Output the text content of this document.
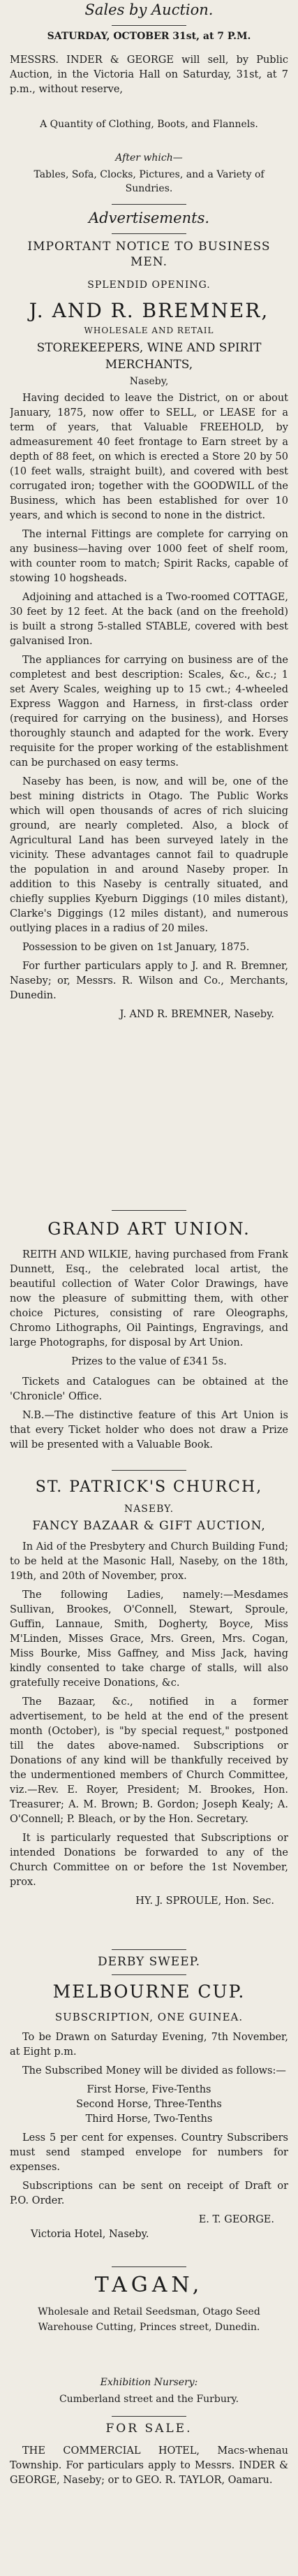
Sales by Auction.
SATURDAY, OCTOBER 31st, at 7 P.M.

MESSRS. INDER & GEORGE will sell, by Public Auction, in the Victoria Hall on Saturday, 31st, at 7 p.m., without reserve,

A Quantity of Clothing, Boots, and Flannels.
After which—
Tables, Sofa, Clocks, Pictures, and a Variety of Sundries.
Advertisements.
IMPORTANT NOTICE TO BUSINESS MEN.
SPLENDID OPENING.
J. AND R. BREMNER,
WHOLESALE AND RETAIL
STOREKEEPERS, WINE AND SPIRIT MERCHANTS,
Naseby,

Having decided to leave the District, on or about January, 1875, now offer to SELL, or LEASE for a term of years, that Valuable FREEHOLD, by admeasurement 40 feet frontage to Earn street by a depth of 88 feet, on which is erected a Store 20 by 50 (10 feet walls, straight built), and covered with best corrugated iron; together with the GOODWILL of the Business, which has been established for over 10 years, and which is second to none in the district.

The internal Fittings are complete for carrying on any business—having over 1000 feet of shelf room, with counter room to match; Spirit Racks, capable of stowing 10 hogsheads.

Adjoining and attached is a Two-roomed COTTAGE, 30 feet by 12 feet. At the back (and on the freehold) is built a strong 5-stalled STABLE, covered with best galvanised Iron.

The appliances for carrying on business are of the completest and best description: Scales, &c., &c.; 1 set Avery Scales, weighing up to 15 cwt.; 4-wheeled Express Waggon and Harness, in first-class order (required for carrying on the business), and Horses thoroughly staunch and adapted for the work. Every requisite for the proper working of the establishment can be purchased on easy terms.

Naseby has been, is now, and will be, one of the best mining districts in Otago. The Public Works which will open thousands of acres of rich sluicing ground, are nearly completed. Also, a block of Agricultural Land has been surveyed lately in the vicinity. These advantages cannot fail to quadruple the population in and around Naseby proper. In addition to this Naseby is centrally situated, and chiefly supplies Kyeburn Diggings (10 miles distant), Clarke's Diggings (12 miles distant), and numerous outlying places in a radius of 20 miles.

Possession to be given on 1st January, 1875.

For further particulars apply to J. and R. Bremner, Naseby; or, Messrs. R. Wilson and Co., Merchants, Dunedin.

J. AND R. BREMNER, Naseby.
GRAND ART UNION.

REITH AND WILKIE, having purchased from Frank Dunnett, Esq., the celebrated local artist, the beautiful collection of Water Color Drawings, have now the pleasure of submitting them, with other choice Pictures, consisting of rare Oleographs, Chromo Lithographs, Oil Paintings, Engravings, and large Photographs, for disposal by Art Union.

Prizes to the value of £341 5s.

Tickets and Catalogues can be obtained at the 'Chronicle' Office.

N.B.—The distinctive feature of this Art Union is that every Ticket holder who does not draw a Prize will be presented with a Valuable Book.

ST. PATRICK'S CHURCH,
NASEBY.
FANCY BAZAAR & GIFT AUCTION,

In Aid of the Presbytery and Church Building Fund; to be held at the Masonic Hall, Naseby, on the 18th, 19th, and 20th of November, prox.

The following Ladies, namely:—Mesdames Sullivan, Brookes, O'Connell, Stewart, Sproule, Guffin, Lannaue, Smith, Dogherty, Boyce, Miss M'Linden, Misses Grace, Mrs. Green, Mrs. Cogan, Miss Bourke, Miss Gaffney, and Miss Jack, having kindly consented to take charge of stalls, will also gratefully receive Donations, &c.

The Bazaar, &c., notified in a former advertisement, to be held at the end of the present month (October), is "by special request," postponed till the dates above-named. Subscriptions or Donations of any kind will be thankfully received by the undermentioned members of Church Committee, viz.—Rev. E. Royer, President; M. Brookes, Hon. Treasurer; A. M. Brown; B. Gordon; Joseph Kealy; A. O'Connell; P. Bleach, or by the Hon. Secretary.

It is particularly requested that Subscriptions or intended Donations be forwarded to any of the Church Committee on or before the 1st November, prox.

HY. J. SPROULE, Hon. Sec.
DERBY SWEEP.
MELBOURNE CUP.
SUBSCRIPTION, ONE GUINEA.

To be Drawn on Saturday Evening, 7th November, at Eight p.m.

The Subscribed Money will be divided as follows:—

First Horse, Five-Tenths
Second Horse, Three-Tenths
Third Horse, Two-Tenths

Less 5 per cent for expenses. Country Subscribers must send stamped envelope for numbers for expenses.

Subscriptions can be sent on receipt of Draft or P.O. Order.

E. T. GEORGE.
Victoria Hotel, Naseby.
TAGAN,
Wholesale and Retail Seedsman, Otago Seed Warehouse Cutting, Princes street, Dunedin.
Exhibition Nursery:
Cumberland street and the Furbury.
FOR SALE.

THE COMMERCIAL HOTEL, Macs-whenau Township. For particulars apply to Messrs. INDER & GEORGE, Naseby; or to GEO. R. TAYLOR, Oamaru.
